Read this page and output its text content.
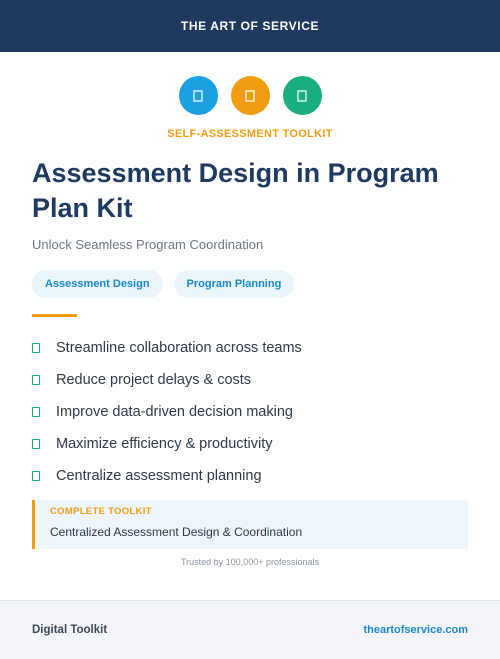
THE ART OF SERVICE
SELF-ASSESSMENT TOOLKIT
Assessment Design in Program Plan Kit
Unlock Seamless Program Coordination
Assessment Design	Program Planning
Streamline collaboration across teams
Reduce project delays & costs
Improve data-driven decision making
Maximize efficiency & productivity
Centralize assessment planning
COMPLETE TOOLKIT
Centralized Assessment Design & Coordination
Trusted by 100,000+ professionals
Digital Toolkit	theartofservice.com
